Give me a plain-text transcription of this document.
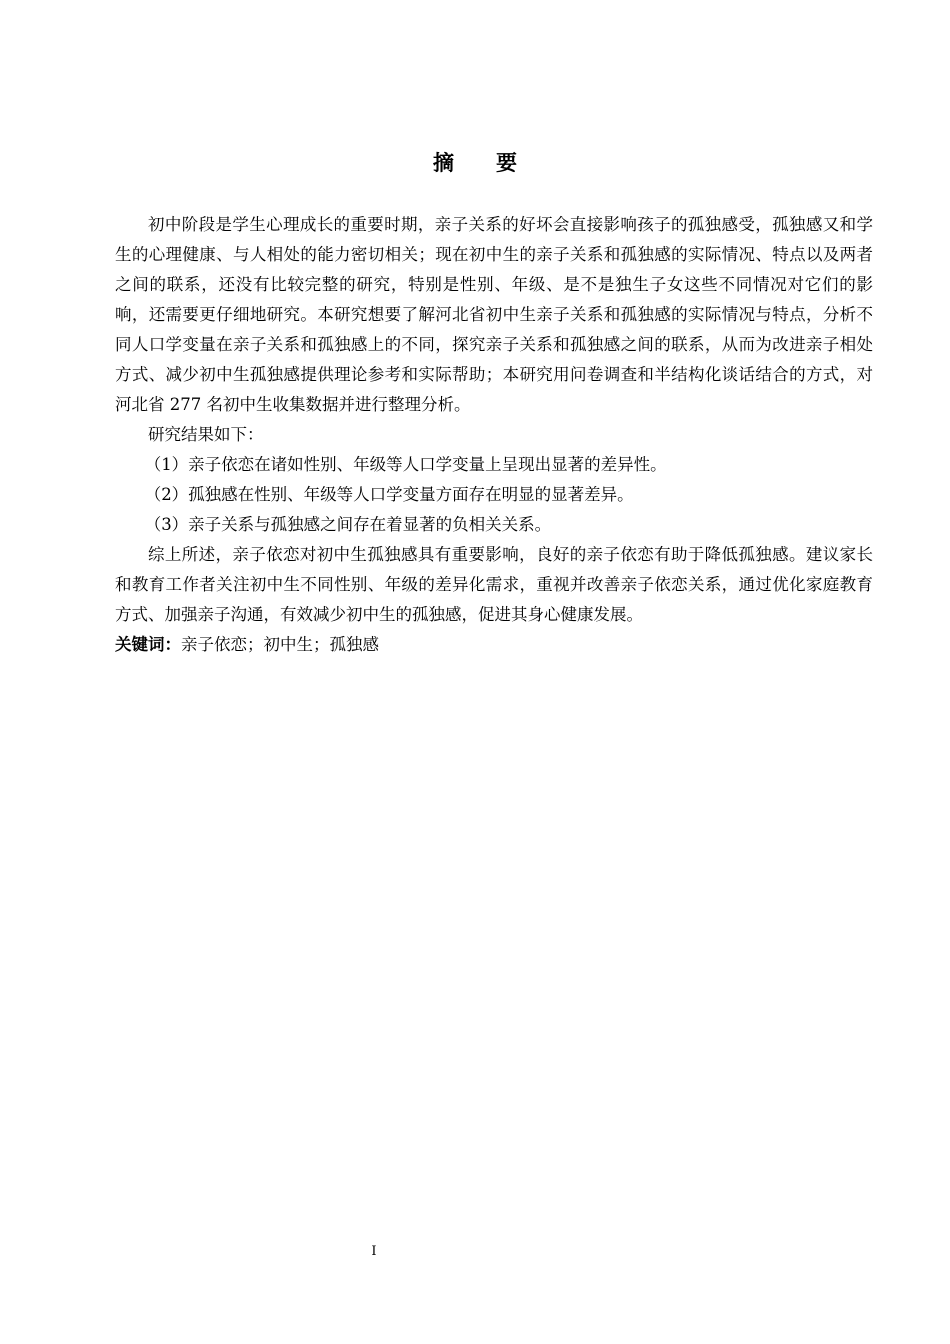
摘要

初中阶段是学生心理成长的重要时期，亲子关系的好坏会直接影响孩子的孤独感受，孤独感又和学生的心理健康、与人相处的能力密切相关；现在初中生的亲子关系和孤独感的实际情况、特点以及两者之间的联系，还没有比较完整的研究，特别是性别、年级、是不是独生子女这些不同情况对它们的影响，还需要更仔细地研究。本研究想要了解河北省初中生亲子关系和孤独感的实际情况与特点，分析不同人口学变量在亲子关系和孤独感上的不同，探究亲子关系和孤独感之间的联系，从而为改进亲子相处方式、减少初中生孤独感提供理论参考和实际帮助；本研究用问卷调查和半结构化谈话结合的方式，对河北省 277 名初中生收集数据并进行整理分析。

研究结果如下：

（1）亲子依恋在诸如性别、年级等人口学变量上呈现出显著的差异性。

（2）孤独感在性别、年级等人口学变量方面存在明显的显著差异。

（3）亲子关系与孤独感之间存在着显著的负相关关系。

综上所述，亲子依恋对初中生孤独感具有重要影响，良好的亲子依恋有助于降低孤独感。建议家长和教育工作者关注初中生不同性别、年级的差异化需求，重视并改善亲子依恋关系，通过优化家庭教育方式、加强亲子沟通，有效减少初中生的孤独感，促进其身心健康发展。

关键词：亲子依恋；初中生；孤独感

I
